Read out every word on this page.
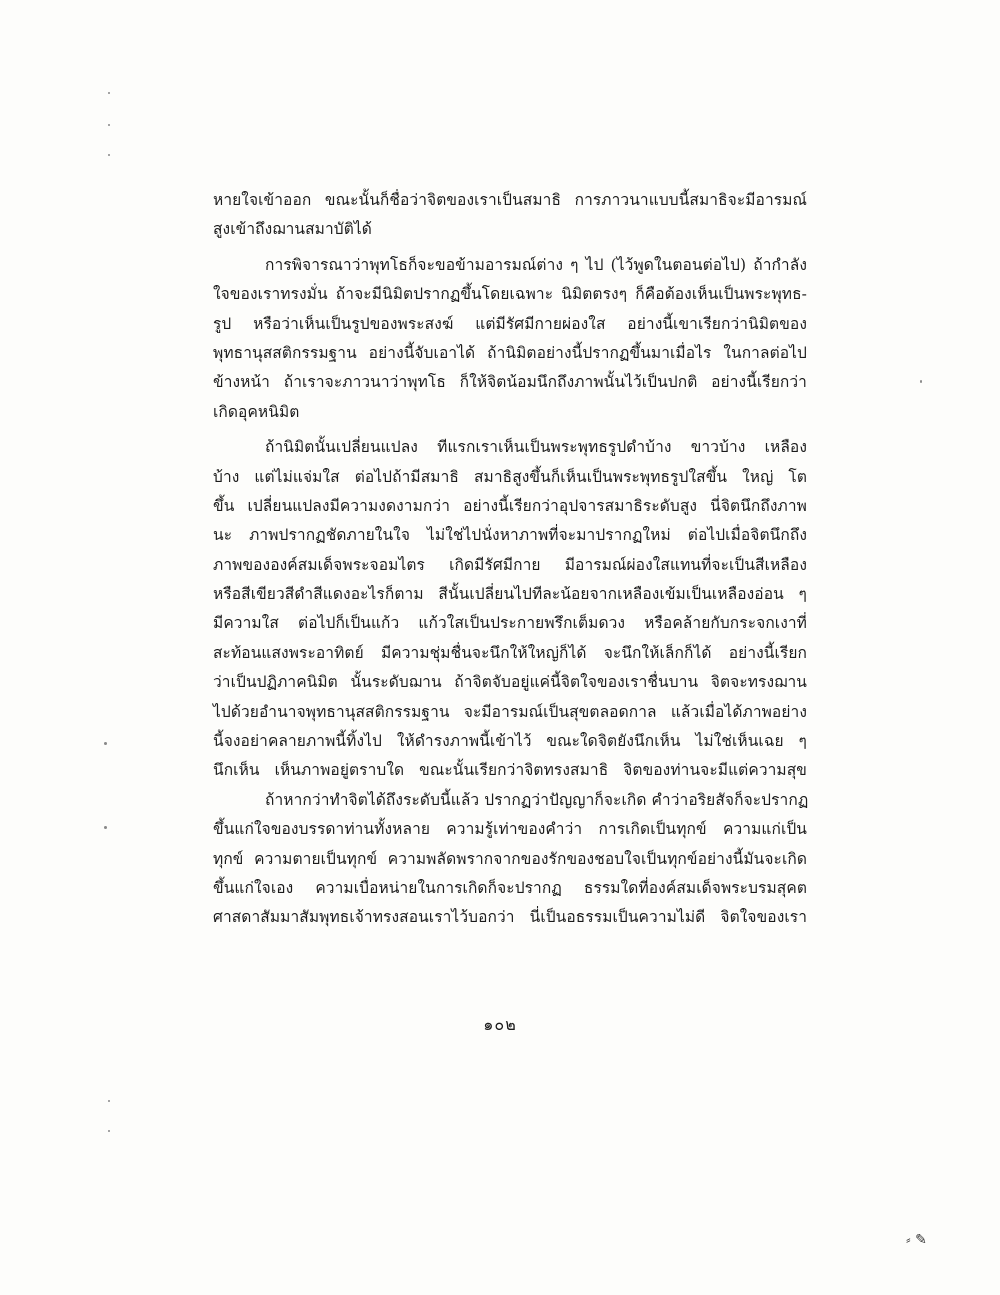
หายใจเข้าออก ขณะนั้นก็ชื่อว่าจิตของเราเป็นสมาธิ การภาวนาแบบนี้สมาธิจะมีอารมณ์
สูงเข้าถึงฌานสมาบัติได้
การพิจารณาว่าพุทโธก็จะขอข้ามอารมณ์ต่าง ๆ ไป (ไว้พูดในตอนต่อไป) ถ้ากำลัง
ใจของเราทรงมั่น ถ้าจะมีนิมิตปรากฏขึ้นโดยเฉพาะ นิมิตตรงๆ ก็คือต้องเห็นเป็นพระพุทธ-
รูป หรือว่าเห็นเป็นรูปของพระสงฆ์ แต่มีรัศมีกายผ่องใส อย่างนี้เขาเรียกว่านิมิตของ
พุทธานุสสติกรรมฐาน อย่างนี้จับเอาได้ ถ้านิมิตอย่างนี้ปรากฏขึ้นมาเมื่อไร ในกาลต่อไป
ข้างหน้า ถ้าเราจะภาวนาว่าพุทโธ ก็ให้จิตน้อมนึกถึงภาพนั้นไว้เป็นปกติ อย่างนี้เรียกว่า
เกิดอุคหนิมิต
ถ้านิมิตนั้นเปลี่ยนแปลง ทีแรกเราเห็นเป็นพระพุทธรูปดำบ้าง ขาวบ้าง เหลือง
บ้าง แต่ไม่แจ่มใส ต่อไปถ้ามีสมาธิ สมาธิสูงขึ้นก็เห็นเป็นพระพุทธรูปใสขึ้น ใหญ่ โต
ขึ้น เปลี่ยนแปลงมีความงดงามกว่า อย่างนี้เรียกว่าอุปจารสมาธิระดับสูง นี่จิตนึกถึงภาพ
นะ ภาพปรากฏชัดภายในใจ ไม่ใช่ไปนั่งหาภาพที่จะมาปรากฏใหม่ ต่อไปเมื่อจิตนึกถึง
ภาพขององค์สมเด็จพระจอมไตร เกิดมีรัศมีกาย มีอารมณ์ผ่องใสแทนที่จะเป็นสีเหลือง
หรือสีเขียวสีดำสีแดงอะไรก็ตาม สีนั้นเปลี่ยนไปทีละน้อยจากเหลืองเข้มเป็นเหลืองอ่อน ๆ
มีความใส ต่อไปก็เป็นแก้ว แก้วใสเป็นประกายพรึกเต็มดวง หรือคล้ายกับกระจกเงาที่
สะท้อนแสงพระอาทิตย์ มีความชุ่มชื่นจะนึกให้ใหญ่ก็ได้ จะนึกให้เล็กก็ได้ อย่างนี้เรียก
ว่าเป็นปฏิภาคนิมิต นั้นระดับฌาน ถ้าจิตจับอยู่แค่นี้จิตใจของเราชื่นบาน จิตจะทรงฌาน
ไปด้วยอำนาจพุทธานุสสติกรรมฐาน จะมีอารมณ์เป็นสุขตลอดกาล แล้วเมื่อได้ภาพอย่าง
นี้จงอย่าคลายภาพนี้ทิ้งไป ให้ดำรงภาพนี้เข้าไว้ ขณะใดจิตยังนึกเห็น ไม่ใช่เห็นเฉย ๆ
นึกเห็น เห็นภาพอยู่ตราบใด ขณะนั้นเรียกว่าจิตทรงสมาธิ จิตของท่านจะมีแต่ความสุข
ถ้าหากว่าทำจิตได้ถึงระดับนี้แล้ว ปรากฏว่าปัญญาก็จะเกิด คำว่าอริยสัจก็จะปรากฏ
ขึ้นแก่ใจของบรรดาท่านทั้งหลาย ความรู้เท่าของคำว่า การเกิดเป็นทุกข์ ความแก่เป็น
ทุกข์ ความตายเป็นทุกข์ ความพลัดพรากจากของรักของชอบใจเป็นทุกข์อย่างนี้มันจะเกิด
ขึ้นแก่ใจเอง ความเบื่อหน่ายในการเกิดก็จะปรากฏ ธรรมใดที่องค์สมเด็จพระบรมสุคต
ศาสดาสัมมาสัมพุทธเจ้าทรงสอนเราไว้บอกว่า นี่เป็นอธรรมเป็นความไม่ดี จิตใจของเรา
๑๐๒
⸗ ✎
